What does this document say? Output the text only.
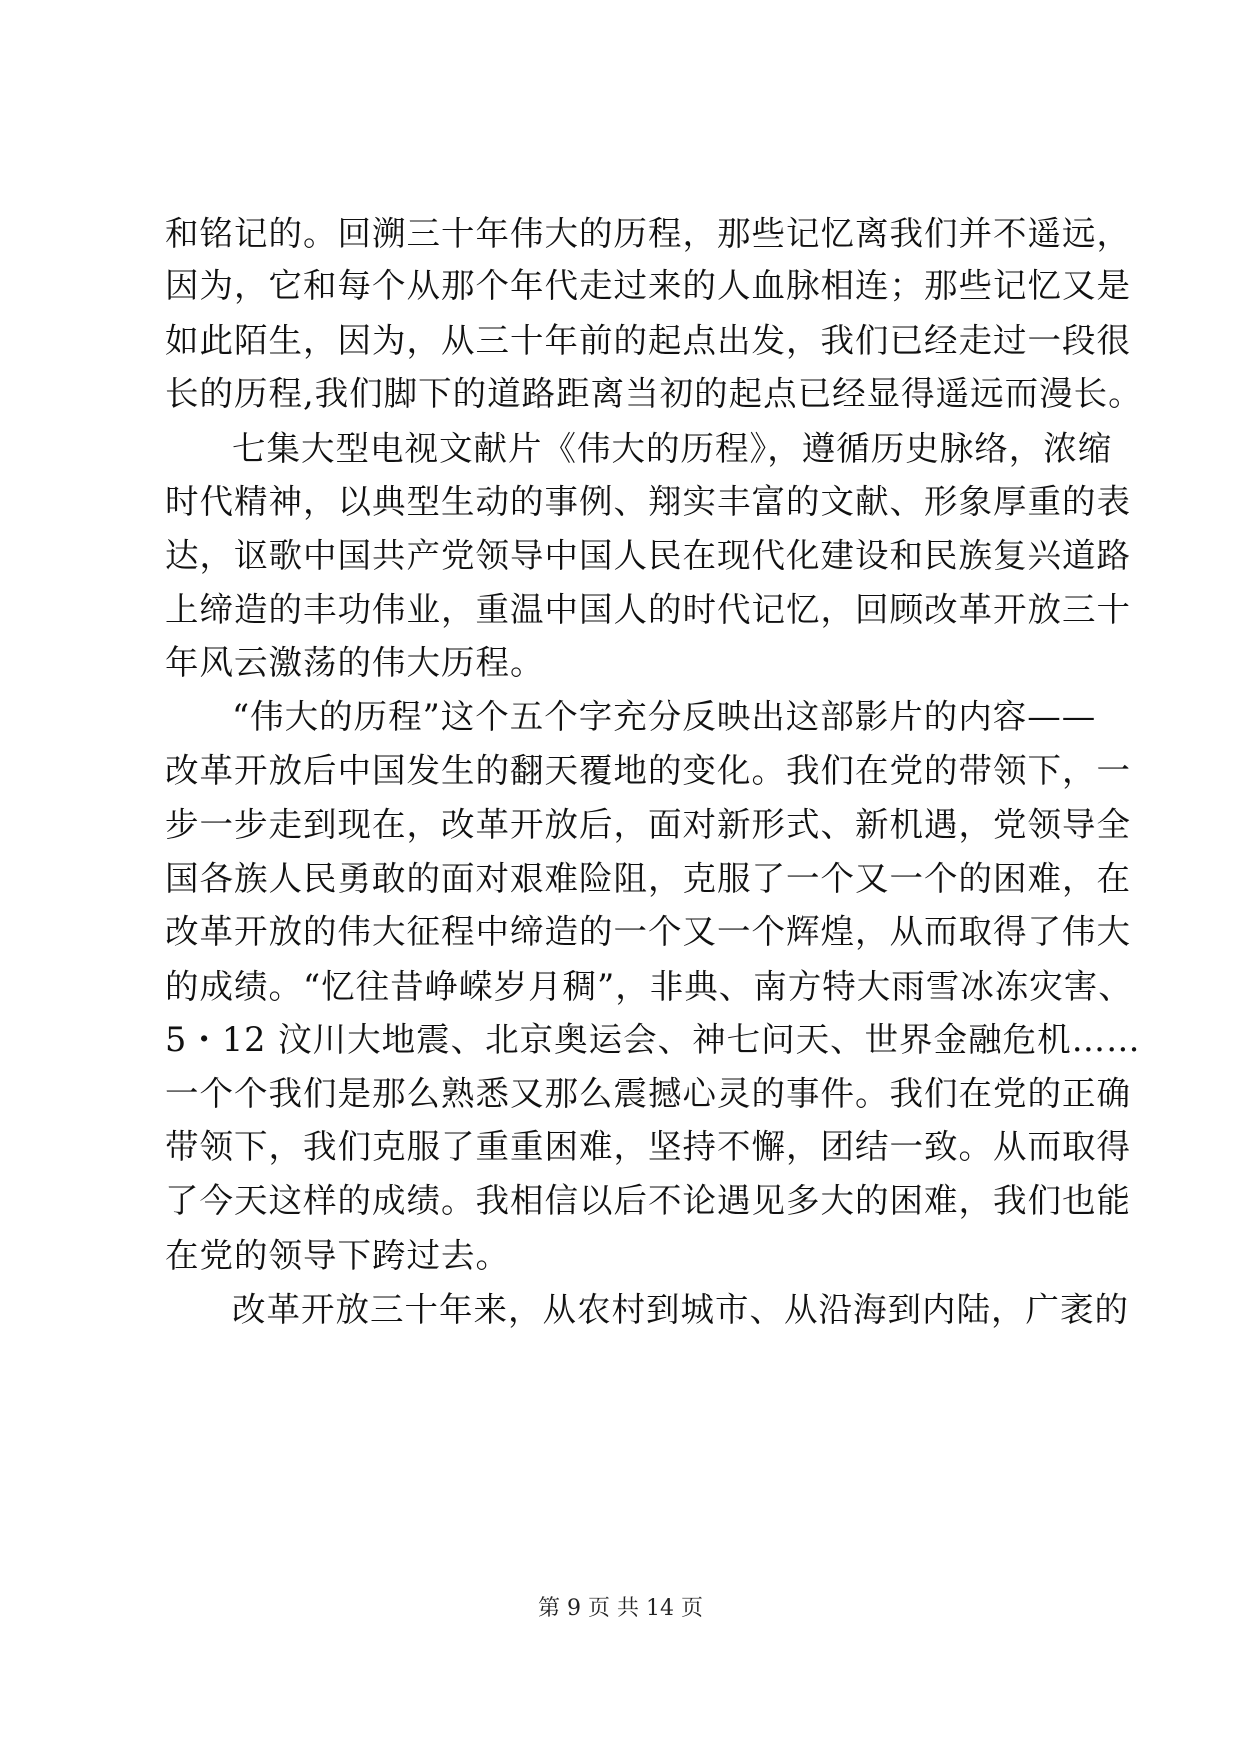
和铭记的。回溯三十年伟大的历程，那些记忆离我们并不遥远，
因为，它和每个从那个年代走过来的人血脉相连；那些记忆又是
如此陌生，因为，从三十年前的起点出发，我们已经走过一段很
长的历程,我们脚下的道路距离当初的起点已经显得遥远而漫长。
七集大型电视文献片《伟大的历程》，遵循历史脉络，浓缩
时代精神，以典型生动的事例、翔实丰富的文献、形象厚重的表
达，讴歌中国共产党领导中国人民在现代化建设和民族复兴道路
上缔造的丰功伟业，重温中国人的时代记忆，回顾改革开放三十
年风云激荡的伟大历程。
“伟大的历程”这个五个字充分反映出这部影片的内容——
改革开放后中国发生的翻天覆地的变化。我们在党的带领下，一
步一步走到现在，改革开放后，面对新形式、新机遇，党领导全
国各族人民勇敢的面对艰难险阻，克服了一个又一个的困难，在
改革开放的伟大征程中缔造的一个又一个辉煌，从而取得了伟大
的成绩。“忆往昔峥嵘岁月稠”，非典、南方特大雨雪冰冻灾害、
5・12 汶川大地震、北京奥运会、神七问天、世界金融危机……
一个个我们是那么熟悉又那么震撼心灵的事件。我们在党的正确
带领下，我们克服了重重困难，坚持不懈，团结一致。从而取得
了今天这样的成绩。我相信以后不论遇见多大的困难，我们也能
在党的领导下跨过去。
改革开放三十年来，从农村到城市、从沿海到内陆，广袤的
第 9 页 共 14 页
